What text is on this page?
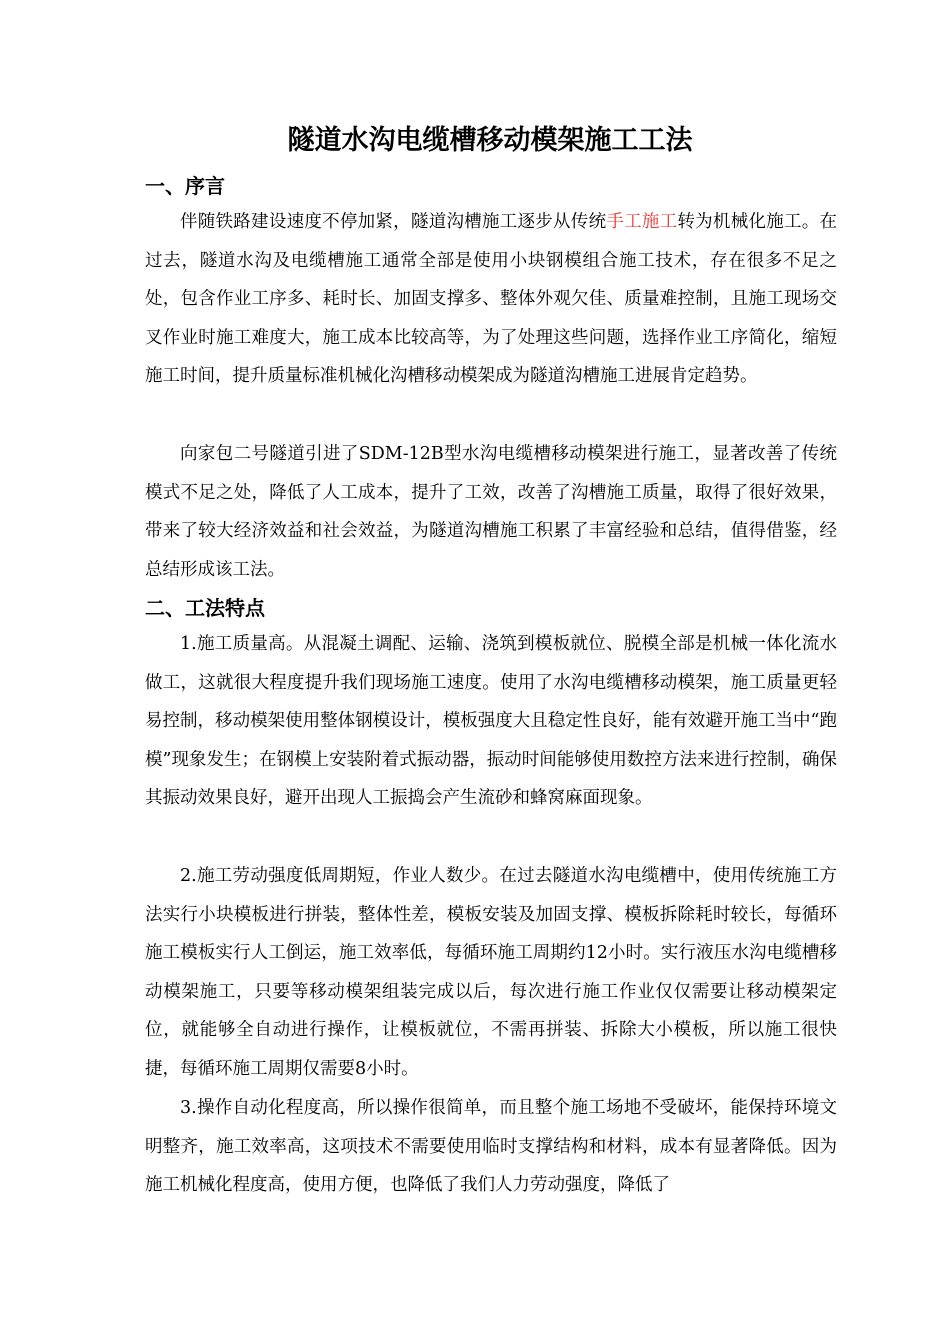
隧道水沟电缆槽移动模架施工工法
一、序言

伴随铁路建设速度不停加紧，隧道沟槽施工逐步从传统手工施工转为机械化施工。在过去，隧道水沟及电缆槽施工通常全部是使用小块钢模组合施工技术，存在很多不足之处，包含作业工序多、耗时长、加固支撑多、整体外观欠佳、质量难控制，且施工现场交叉作业时施工难度大，施工成本比较高等，为了处理这些问题，选择作业工序简化，缩短施工时间，提升质量标准机械化沟槽移动模架成为隧道沟槽施工进展肯定趋势。

向家包二号隧道引进了SDM-12B型水沟电缆槽移动模架进行施工，显著改善了传统模式不足之处，降低了人工成本，提升了工效，改善了沟槽施工质量，取得了很好效果，带来了较大经济效益和社会效益，为隧道沟槽施工积累了丰富经验和总结，值得借鉴，经总结形成该工法。

二、工法特点

1.施工质量高。从混凝土调配、运输、浇筑到模板就位、脱模全部是机械一体化流水做工，这就很大程度提升我们现场施工速度。使用了水沟电缆槽移动模架，施工质量更轻易控制，移动模架使用整体钢模设计，模板强度大且稳定性良好，能有效避开施工当中“跑模”现象发生；在钢模上安装附着式振动器，振动时间能够使用数控方法来进行控制，确保其振动效果良好，避开出现人工振捣会产生流砂和蜂窝麻面现象。

2.施工劳动强度低周期短，作业人数少。在过去隧道水沟电缆槽中，使用传统施工方法实行小块模板进行拼装，整体性差，模板安装及加固支撑、模板拆除耗时较长，每循环施工模板实行人工倒运，施工效率低，每循环施工周期约12小时。实行液压水沟电缆槽移动模架施工，只要等移动模架组装完成以后，每次进行施工作业仅仅需要让移动模架定位，就能够全自动进行操作，让模板就位，不需再拼装、拆除大小模板，所以施工很快捷，每循环施工周期仅需要8小时。

3.操作自动化程度高，所以操作很简单，而且整个施工场地不受破坏，能保持环境文明整齐，施工效率高，这项技术不需要使用临时支撑结构和材料，成本有显著降低。因为施工机械化程度高，使用方便，也降低了我们人力劳动强度，降低了
